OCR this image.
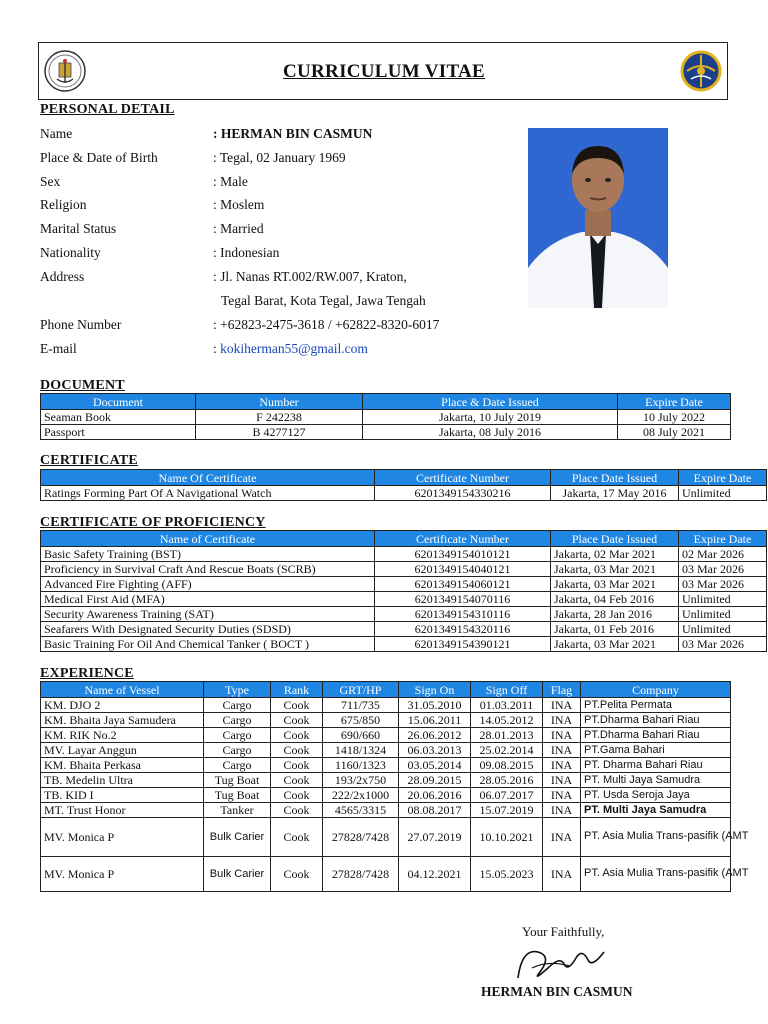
CURRICULUM VITAE
PERSONAL DETAIL
Name	: HERMAN BIN CASMUN
Place & Date of Birth	: Tegal, 02 January 1969
Sex	: Male
Religion	: Moslem
Marital Status	: Married
Nationality	: Indonesian
Address	: Jl. Nanas RT.002/RW.007, Kraton,
Tegal Barat, Kota Tegal, Jawa Tengah
Phone Number	: +62823-2475-3618 / +62822-8320-6017
E-mail	: kokiherman55@gmail.com
DOCUMENT
Document	Number	Place & Date Issued	Expire Date
Seaman Book	F 242238	Jakarta, 10 July 2019	10 July 2022
Passport	B 4277127	Jakarta, 08 July 2016	08 July 2021
CERTIFICATE
Name Of Certificate	Certificate Number	Place Date Issued	Expire Date
Ratings Forming Part Of A Navigational Watch	6201349154330216	Jakarta, 17 May 2016	Unlimited
CERTIFICATE OF PROFICIENCY
Name of Certificate	Certificate Number	Place Date Issued	Expire Date
Basic Safety Training (BST)	6201349154010121	Jakarta, 02 Mar 2021	02 Mar 2026
Proficiency in Survival Craft And Rescue Boats (SCRB)	6201349154040121	Jakarta, 03 Mar 2021	03 Mar 2026
Advanced Fire Fighting (AFF)	6201349154060121	Jakarta, 03 Mar 2021	03 Mar 2026
Medical First Aid (MFA)	6201349154070116	Jakarta, 04 Feb 2016	Unlimited
Security Awareness Training (SAT)	6201349154310116	Jakarta, 28 Jan 2016	Unlimited
Seafarers With Designated Security Duties (SDSD)	6201349154320116	Jakarta, 01 Feb 2016	Unlimited
Basic Training For Oil And Chemical Tanker ( BOCT )	6201349154390121	Jakarta, 03 Mar 2021	03 Mar 2026
EXPERIENCE
Name of Vessel	Type	Rank	GRT/HP	Sign On	Sign Off	Flag	Company
KM. DJO 2	Cargo	Cook	711/735	31.05.2010	01.03.2011	INA	PT.Pelita Permata
KM. Bhaita Jaya Samudera	Cargo	Cook	675/850	15.06.2011	14.05.2012	INA	PT.Dharma Bahari Riau
KM. RIK No.2	Cargo	Cook	690/660	26.06.2012	28.01.2013	INA	PT.Dharma Bahari Riau
MV. Layar Anggun	Cargo	Cook	1418/1324	06.03.2013	25.02.2014	INA	PT.Gama Bahari
KM. Bhaita Perkasa	Cargo	Cook	1160/1323	03.05.2014	09.08.2015	INA	PT. Dharma Bahari Riau
TB. Medelin Ultra	Tug Boat	Cook	193/2x750	28.09.2015	28.05.2016	INA	PT. Multi Jaya Samudra
TB. KID I	Tug Boat	Cook	222/2x1000	20.06.2016	06.07.2017	INA	PT. Usda Seroja Jaya
MT. Trust Honor	Tanker	Cook	4565/3315	08.08.2017	15.07.2019	INA	PT. Multi Jaya Samudra
MV. Monica P	Bulk Carier	Cook	27828/7428	27.07.2019	10.10.2021	INA	PT. Asia Mulia Trans-pasifik (AMT
MV. Monica P	Bulk Carier	Cook	27828/7428	04.12.2021	15.05.2023	INA	PT. Asia Mulia Trans-pasifik (AMT
Your Faithfully,
HERMAN BIN CASMUN
